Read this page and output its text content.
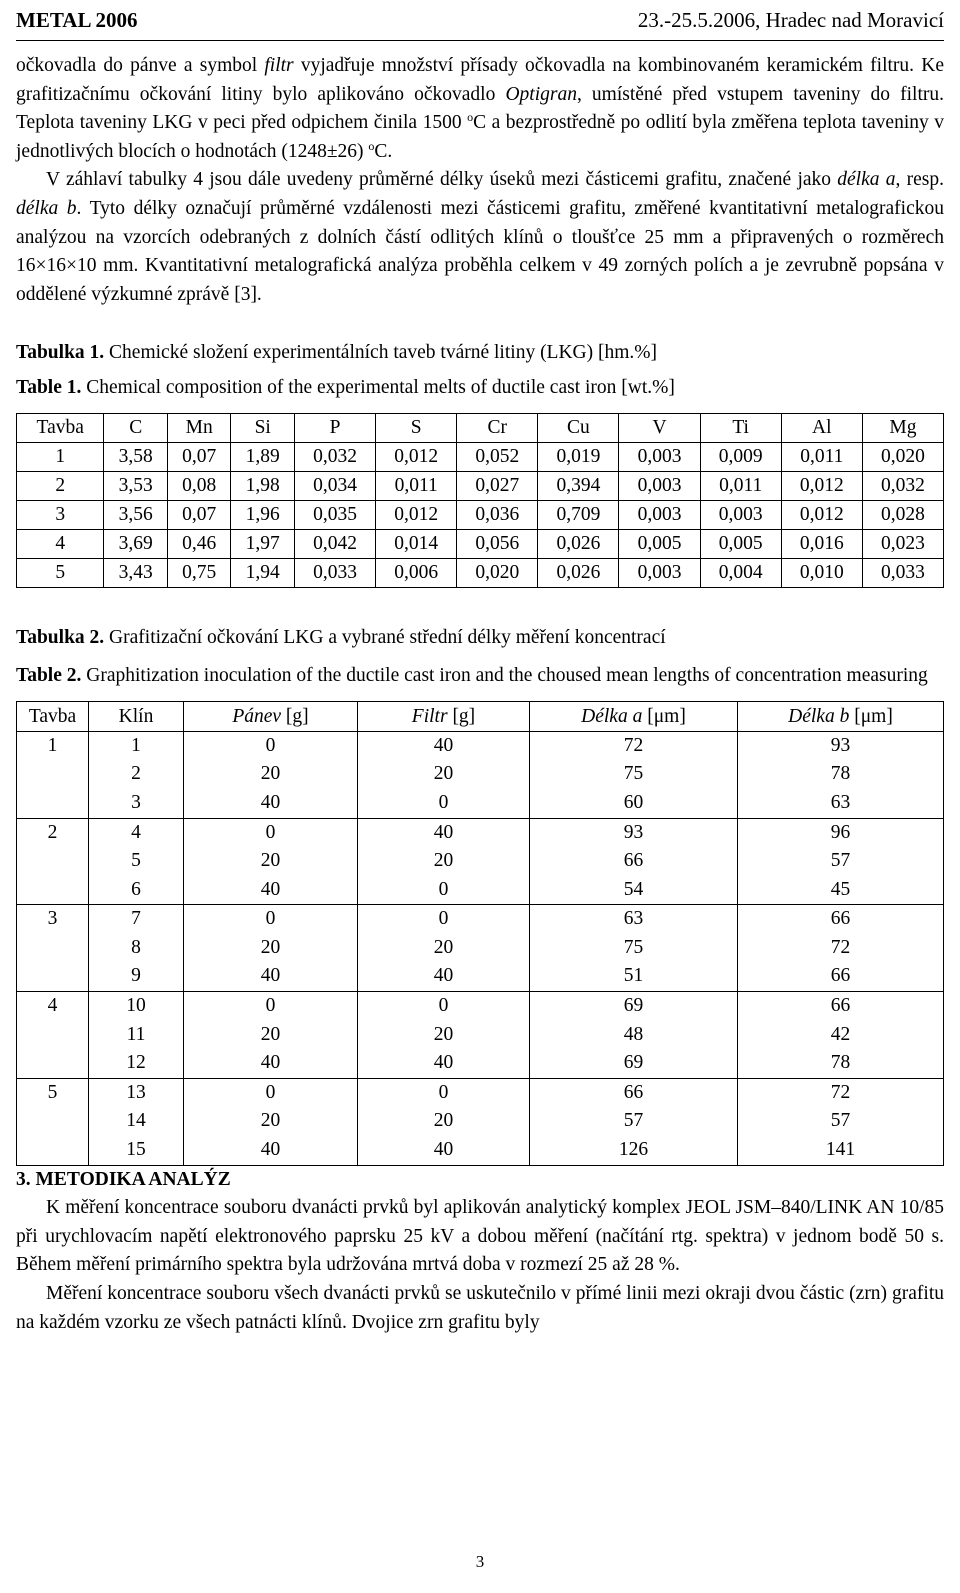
METAL 2006	23.-25.5.2006, Hradec nad Moravicí

očkovadla do pánve a symbol filtr vyjadřuje množství přísady očkovadla na kombinovaném keramickém filtru. Ke grafitizačnímu očkování litiny bylo aplikováno očkovadlo Optigran, umístěné před vstupem taveniny do filtru. Teplota taveniny LKG v peci před odpichem činila 1500 $^o$C a bezprostředně po odlití byla změřena teplota taveniny v jednotlivých blocích o hodnotách (1248±26) $^o$C.

V záhlaví tabulky 4 jsou dále uvedeny průměrné délky úseků mezi částicemi grafitu, značené jako délka a, resp. délka b. Tyto délky označují průměrné vzdálenosti mezi částicemi grafitu, změřené kvantitativní metalografickou analýzou na vzorcích odebraných z dolních částí odlitých klínů o tloušťce 25 mm a připravených o rozměrech 16×16×10 mm. Kvantitativní metalografická analýza proběhla celkem v 49 zorných polích a je zevrubně popsána v oddělené výzkumné zprávě [3].

Tabulka 1. Chemické složení experimentálních taveb tvárné litiny (LKG) [hm.%]

Table 1. Chemical composition of the experimental melts of ductile cast iron [wt.%]

Tavba	C	Mn	Si	P	S	Cr	Cu	V	Ti	Al	Mg
1	3,58	0,07	1,89	0,032	0,012	0,052	0,019	0,003	0,009	0,011	0,020
2	3,53	0,08	1,98	0,034	0,011	0,027	0,394	0,003	0,011	0,012	0,032
3	3,56	0,07	1,96	0,035	0,012	0,036	0,709	0,003	0,003	0,012	0,028
4	3,69	0,46	1,97	0,042	0,014	0,056	0,026	0,005	0,005	0,016	0,023
5	3,43	0,75	1,94	0,033	0,006	0,020	0,026	0,003	0,004	0,010	0,033

Tabulka 2. Grafitizační očkování LKG a vybrané střední délky měření koncentrací

Table 2. Graphitization inoculation of the ductile cast iron and the choused mean lengths of concentration measuring

Tavba	Klín	Pánev [g]	Filtr [g]	Délka a [μm]	Délka b [μm]
1	1	0	40	72	93
	2	20	20	75	78
	3	40	0	60	63
2	4	0	40	93	96
	5	20	20	66	57
	6	40	0	54	45
3	7	0	0	63	66
	8	20	20	75	72
	9	40	40	51	66
4	10	0	0	69	66
	11	20	20	48	42
	12	40	40	69	78
5	13	0	0	66	72
	14	20	20	57	57
	15	40	40	126	141

3. METODIKA ANALÝZ

K měření koncentrace souboru dvanácti prvků byl aplikován analytický komplex JEOL JSM–840/LINK AN 10/85 při urychlovacím napětí elektronového paprsku 25 kV a dobou měření (načítání rtg. spektra) v jednom bodě 50 s. Během měření primárního spektra byla udržována mrtvá doba v rozmezí 25 až 28 %.

Měření koncentrace souboru všech dvanácti prvků se uskutečnilo v přímé linii mezi okraji dvou částic (zrn) grafitu na každém vzorku ze všech patnácti klínů. Dvojice zrn grafitu byly

3
